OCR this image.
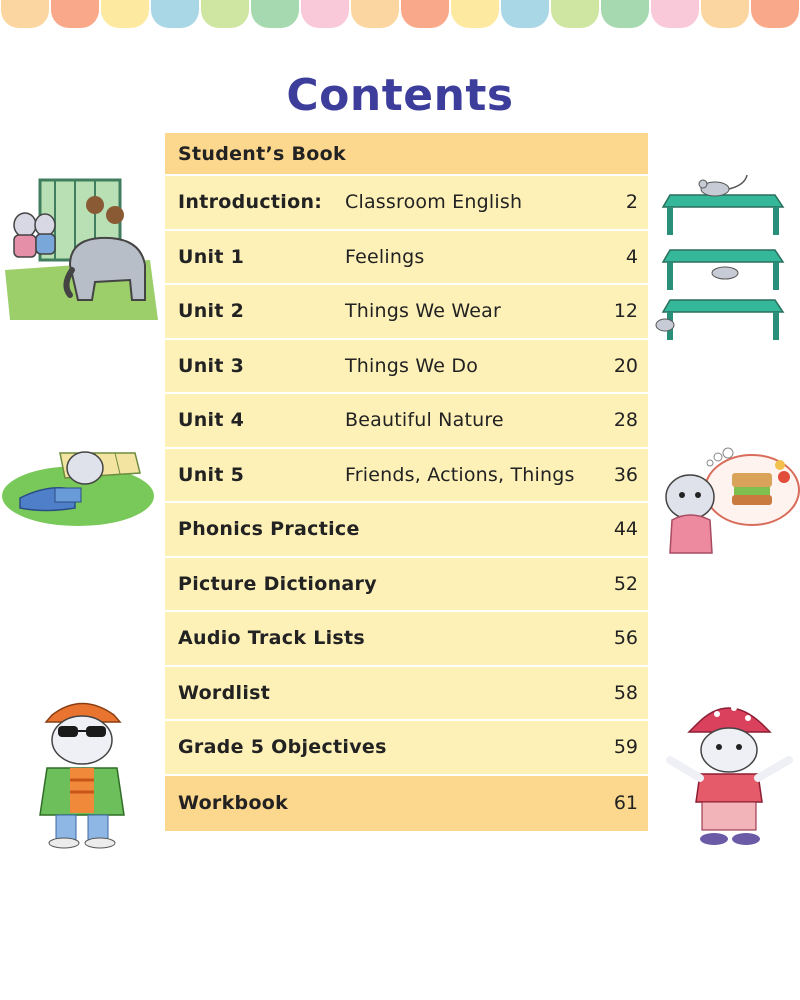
Contents
Student’s Book
Introduction: Classroom English	2
Unit 1	Feelings	4
Unit 2	Things We Wear	12
Unit 3	Things We Do	20
Unit 4	Beautiful Nature	28
Unit 5	Friends, Actions, Things 36
Phonics Practice	44
Picture Dictionary	52
Audio Track Lists	56
Wordlist	58
Grade 5 Objectives	59
Workbook	61
